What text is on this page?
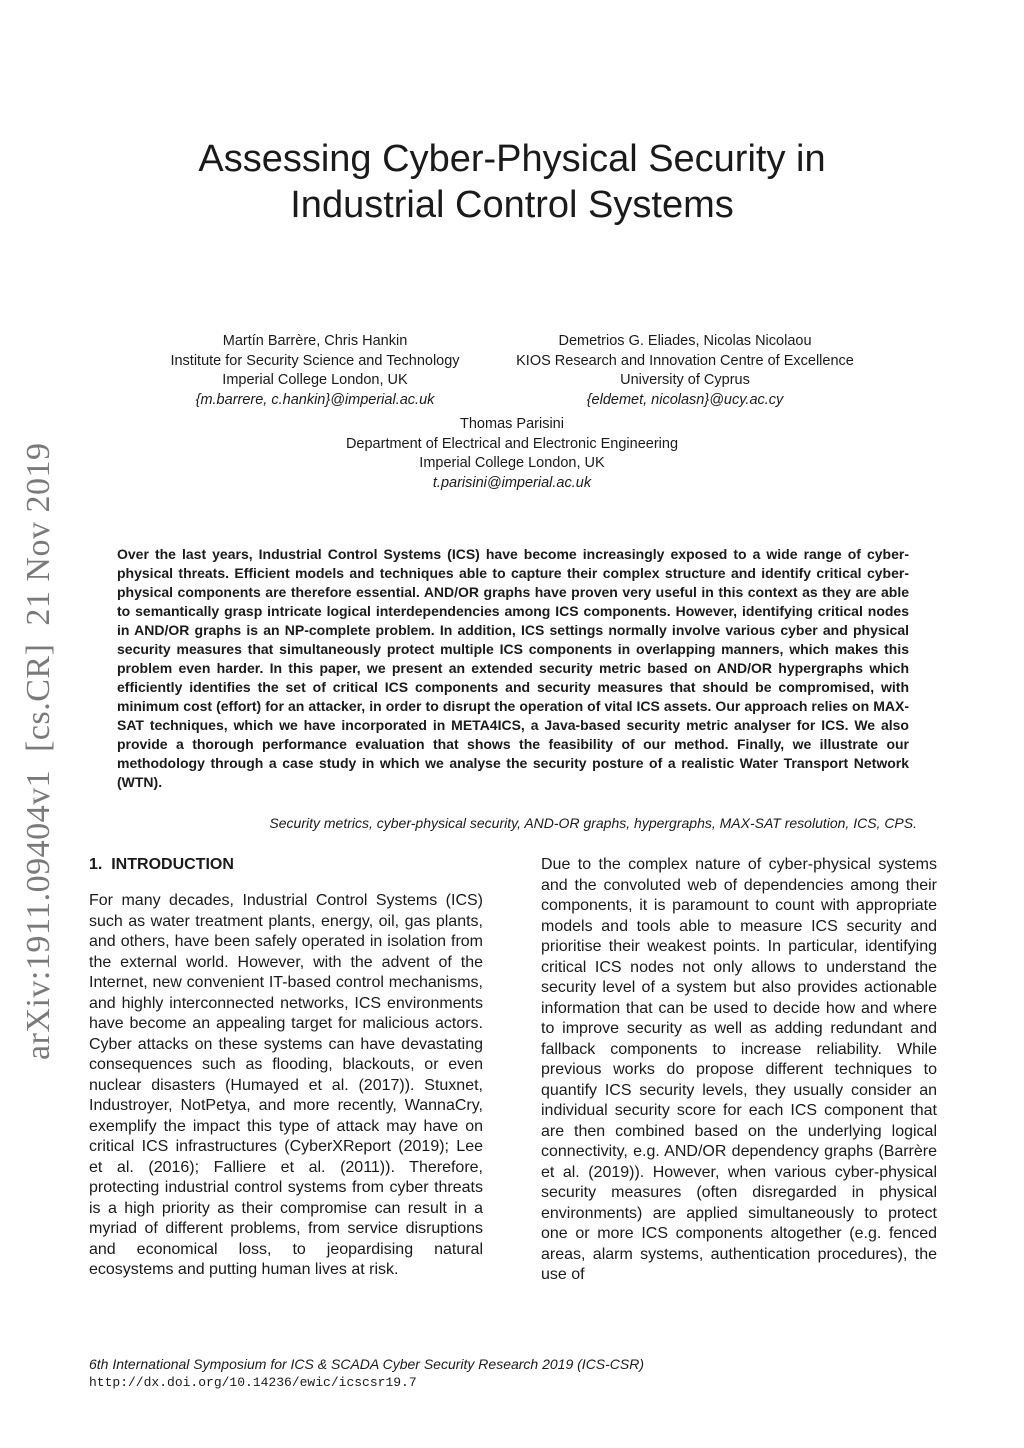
Assessing Cyber-Physical Security in
Industrial Control Systems
Martín Barrère, Chris Hankin
Institute for Security Science and Technology
Imperial College London, UK
{m.barrere, c.hankin}@imperial.ac.uk
Demetrios G. Eliades, Nicolas Nicolaou
KIOS Research and Innovation Centre of Excellence
University of Cyprus
{eldemet, nicolasn}@ucy.ac.cy
Thomas Parisini
Department of Electrical and Electronic Engineering
Imperial College London, UK
t.parisini@imperial.ac.uk
arXiv:1911.09404v1  [cs.CR]  21 Nov 2019	Over the last years, Industrial Control Systems (ICS) have become increasingly exposed to a wide range of cyber-physical threats. Efficient models and techniques able to capture their complex structure and identify critical cyber-physical components are therefore essential. AND/OR graphs have proven very useful in this context as they are able to semantically grasp intricate logical interdependencies among ICS components. However, identifying critical nodes in AND/OR graphs is an NP-complete problem. In addition, ICS settings normally involve various cyber and physical security measures that simultaneously protect multiple ICS components in overlapping manners, which makes this problem even harder. In this paper, we present an extended security metric based on AND/OR hypergraphs which efficiently identifies the set of critical ICS components and security measures that should be compromised, with minimum cost (effort) for an attacker, in order to disrupt the operation of vital ICS assets. Our approach relies on MAX-SAT techniques, which we have incorporated in META4ICS, a Java-based security metric analyser for ICS. We also provide a thorough performance evaluation that shows the feasibility of our method. Finally, we illustrate our methodology through a case study in which we analyse the security posture of a realistic Water Transport Network (WTN).
Security metrics, cyber-physical security, AND-OR graphs, hypergraphs, MAX-SAT resolution, ICS, CPS.
1.  INTRODUCTION

For many decades, Industrial Control Systems (ICS) such as water treatment plants, energy, oil, gas plants, and others, have been safely operated in isolation from the external world. However, with the advent of the Internet, new convenient IT-based control mechanisms, and highly interconnected networks, ICS environments have become an appealing target for malicious actors. Cyber attacks on these systems can have devastating consequences such as flooding, blackouts, or even nuclear disasters (Humayed et al. (2017)). Stuxnet, Industroyer, NotPetya, and more recently, WannaCry, exemplify the impact this type of attack may have on critical ICS infrastructures (CyberXReport (2019); Lee et al. (2016); Falliere et al. (2011)). Therefore, protecting industrial control systems from cyber threats is a high priority as their compromise can result in a myriad of different problems, from service disruptions and economical loss, to jeopardising natural ecosystems and putting human lives at risk.

Due to the complex nature of cyber-physical systems and the convoluted web of dependencies among their components, it is paramount to count with appropriate models and tools able to measure ICS security and prioritise their weakest points. In particular, identifying critical ICS nodes not only allows to understand the security level of a system but also provides actionable information that can be used to decide how and where to improve security as well as adding redundant and fallback components to increase reliability. While previous works do propose different techniques to quantify ICS security levels, they usually consider an individual security score for each ICS component that are then combined based on the underlying logical connectivity, e.g. AND/OR dependency graphs (Barrère et al. (2019)). However, when various cyber-physical security measures (often disregarded in physical environments) are applied simultaneously to protect one or more ICS components altogether (e.g. fenced areas, alarm systems, authentication procedures), the use of

6th International Symposium for ICS & SCADA Cyber Security Research 2019 (ICS-CSR)
http://dx.doi.org/10.14236/ewic/icscsr19.7
